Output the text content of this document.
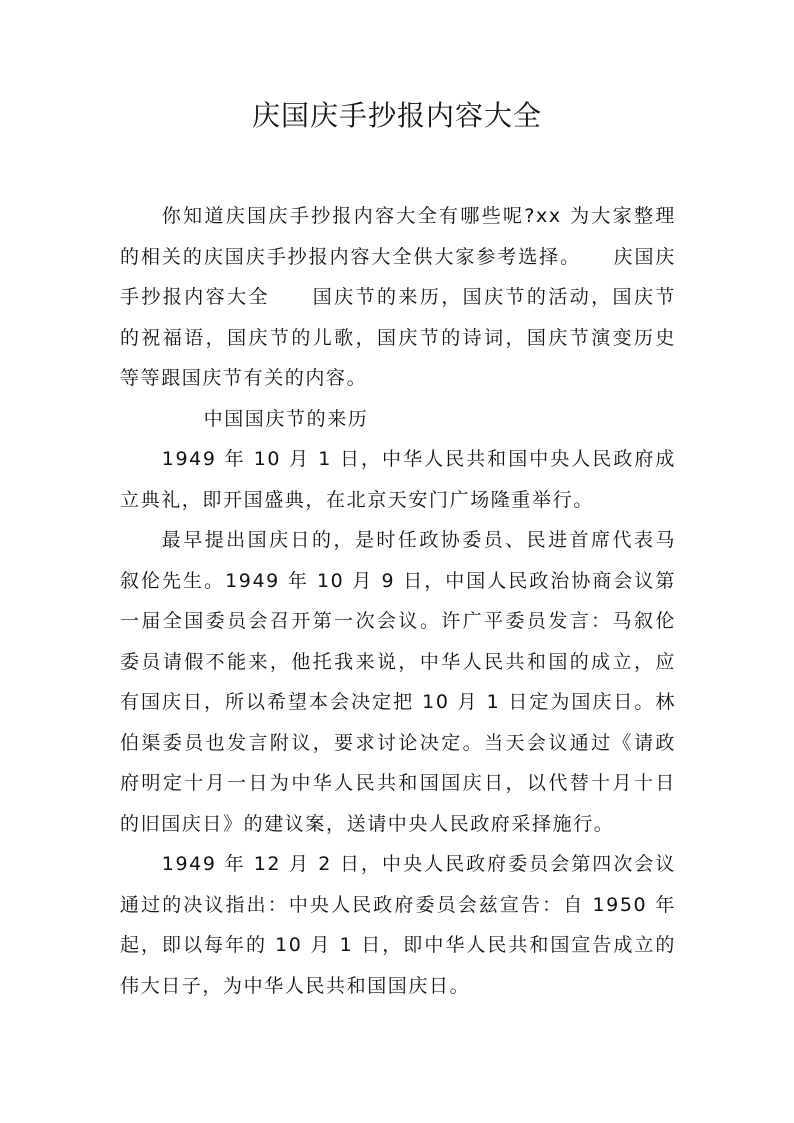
庆国庆手抄报内容大全

你知道庆国庆手抄报内容大全有哪些呢?xx 为大家整理的相关的庆国庆手抄报内容大全供大家参考选择。　　庆国庆手抄报内容大全　　国庆节的来历，国庆节的活动，国庆节的祝福语，国庆节的儿歌，国庆节的诗词，国庆节演变历史等等跟国庆节有关的内容。

中国国庆节的来历

1949 年 10 月 1 日，中华人民共和国中央人民政府成立典礼，即开国盛典，在北京天安门广场隆重举行。

最早提出国庆日的，是时任政协委员、民进首席代表马叙伦先生。1949 年 10 月 9 日，中国人民政治协商会议第一届全国委员会召开第一次会议。许广平委员发言：马叙伦委员请假不能来，他托我来说，中华人民共和国的成立，应有国庆日，所以希望本会决定把 10 月 1 日定为国庆日。林伯渠委员也发言附议，要求讨论决定。当天会议通过《请政府明定十月一日为中华人民共和国国庆日，以代替十月十日的旧国庆日》的建议案，送请中央人民政府采择施行。

1949 年 12 月 2 日，中央人民政府委员会第四次会议通过的决议指出：中央人民政府委员会兹宣告：自 1950 年起，即以每年的 10 月 1 日，即中华人民共和国宣告成立的伟大日子，为中华人民共和国国庆日。
